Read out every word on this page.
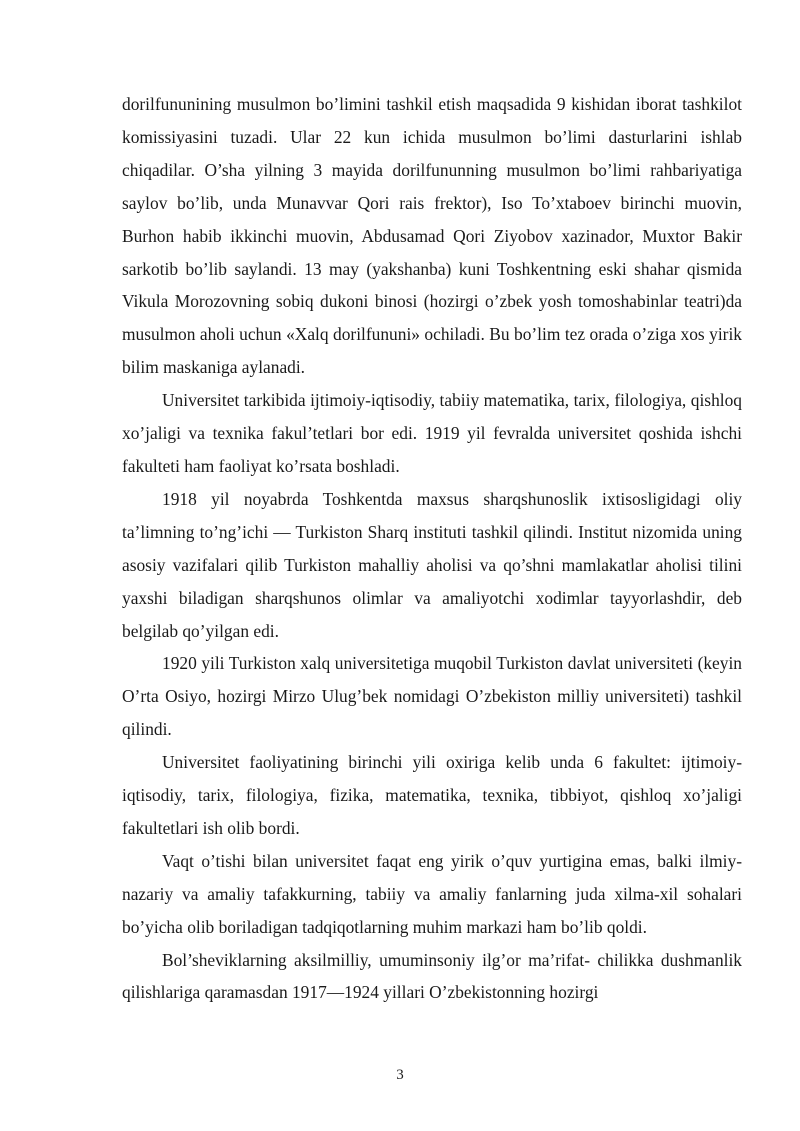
dorilfununining musulmon bo’limini tashkil etish maqsadida 9 kishidan iborat tashkilot komissiyasini tuzadi. Ular 22 kun ichida musulmon bo’limi dasturlarini ishlab chiqadilar. O’sha yilning 3 mayida dorilfununning musulmon bo’limi rahbariyatiga saylov bo’lib, unda Munavvar Qori rais frektor), Iso To’xtaboev birinchi muovin, Burhon habib ikkinchi muovin, Abdusamad Qori Ziyobov xazinador, Muxtor Bakir sarkotib bo’lib saylandi. 13 may (yakshanba) kuni Toshkentning eski shahar qismida Vikula Morozovning sobiq dukoni binosi (hozirgi o’zbek yosh tomoshabinlar teatri)da musulmon aholi uchun «Xalq dorilfununi» ochiladi. Bu bo’lim tez orada o’ziga xos yirik bilim maskaniga aylanadi.

Universitet tarkibida ijtimoiy-iqtisodiy, tabiiy matematika, tarix, filologiya, qishloq xo’jaligi va texnika fakul’tetlari bor edi. 1919 yil fevralda universitet qoshida ishchi fakulteti ham faoliyat ko’rsata boshladi.

1918 yil noyabrda Toshkentda maxsus sharqshunoslik ixtisosligidagi oliy ta’limning to’ng’ichi — Turkiston Sharq instituti tashkil qilindi. Institut nizomida uning asosiy vazifalari qilib Turkiston mahalliy aholisi va qo’shni mamlakatlar aholisi tilini yaxshi biladigan sharqshunos olimlar va amaliyotchi xodimlar tayyorlashdir, deb belgilab qo’yilgan edi.

1920 yili Turkiston xalq universitetiga muqobil Turkiston davlat universiteti (keyin O’rta Osiyo, hozirgi Mirzo Ulug’bek nomidagi O’zbekiston milliy universiteti) tashkil qilindi.

Universitet faoliyatining birinchi yili oxiriga kelib unda 6 fakultet: ijtimoiy-iqtisodiy, tarix, filologiya, fizika, matematika, texnika, tibbiyot, qishloq xo’jaligi fakultetlari ish olib bordi.

Vaqt o’tishi bilan universitet faqat eng yirik o’quv yurtigina emas, balki ilmiy-nazariy va amaliy tafakkurning, tabiiy va amaliy fanlarning juda xilma-xil sohalari bo’yicha olib boriladigan tadqiqotlarning muhim markazi ham bo’lib qoldi.

Bol’sheviklarning aksilmilliy, umuminsoniy ilg’or ma’rifat- chilikka dushmanlik qilishlariga qaramasdan 1917—1924 yillari O’zbekistonning hozirgi

3
